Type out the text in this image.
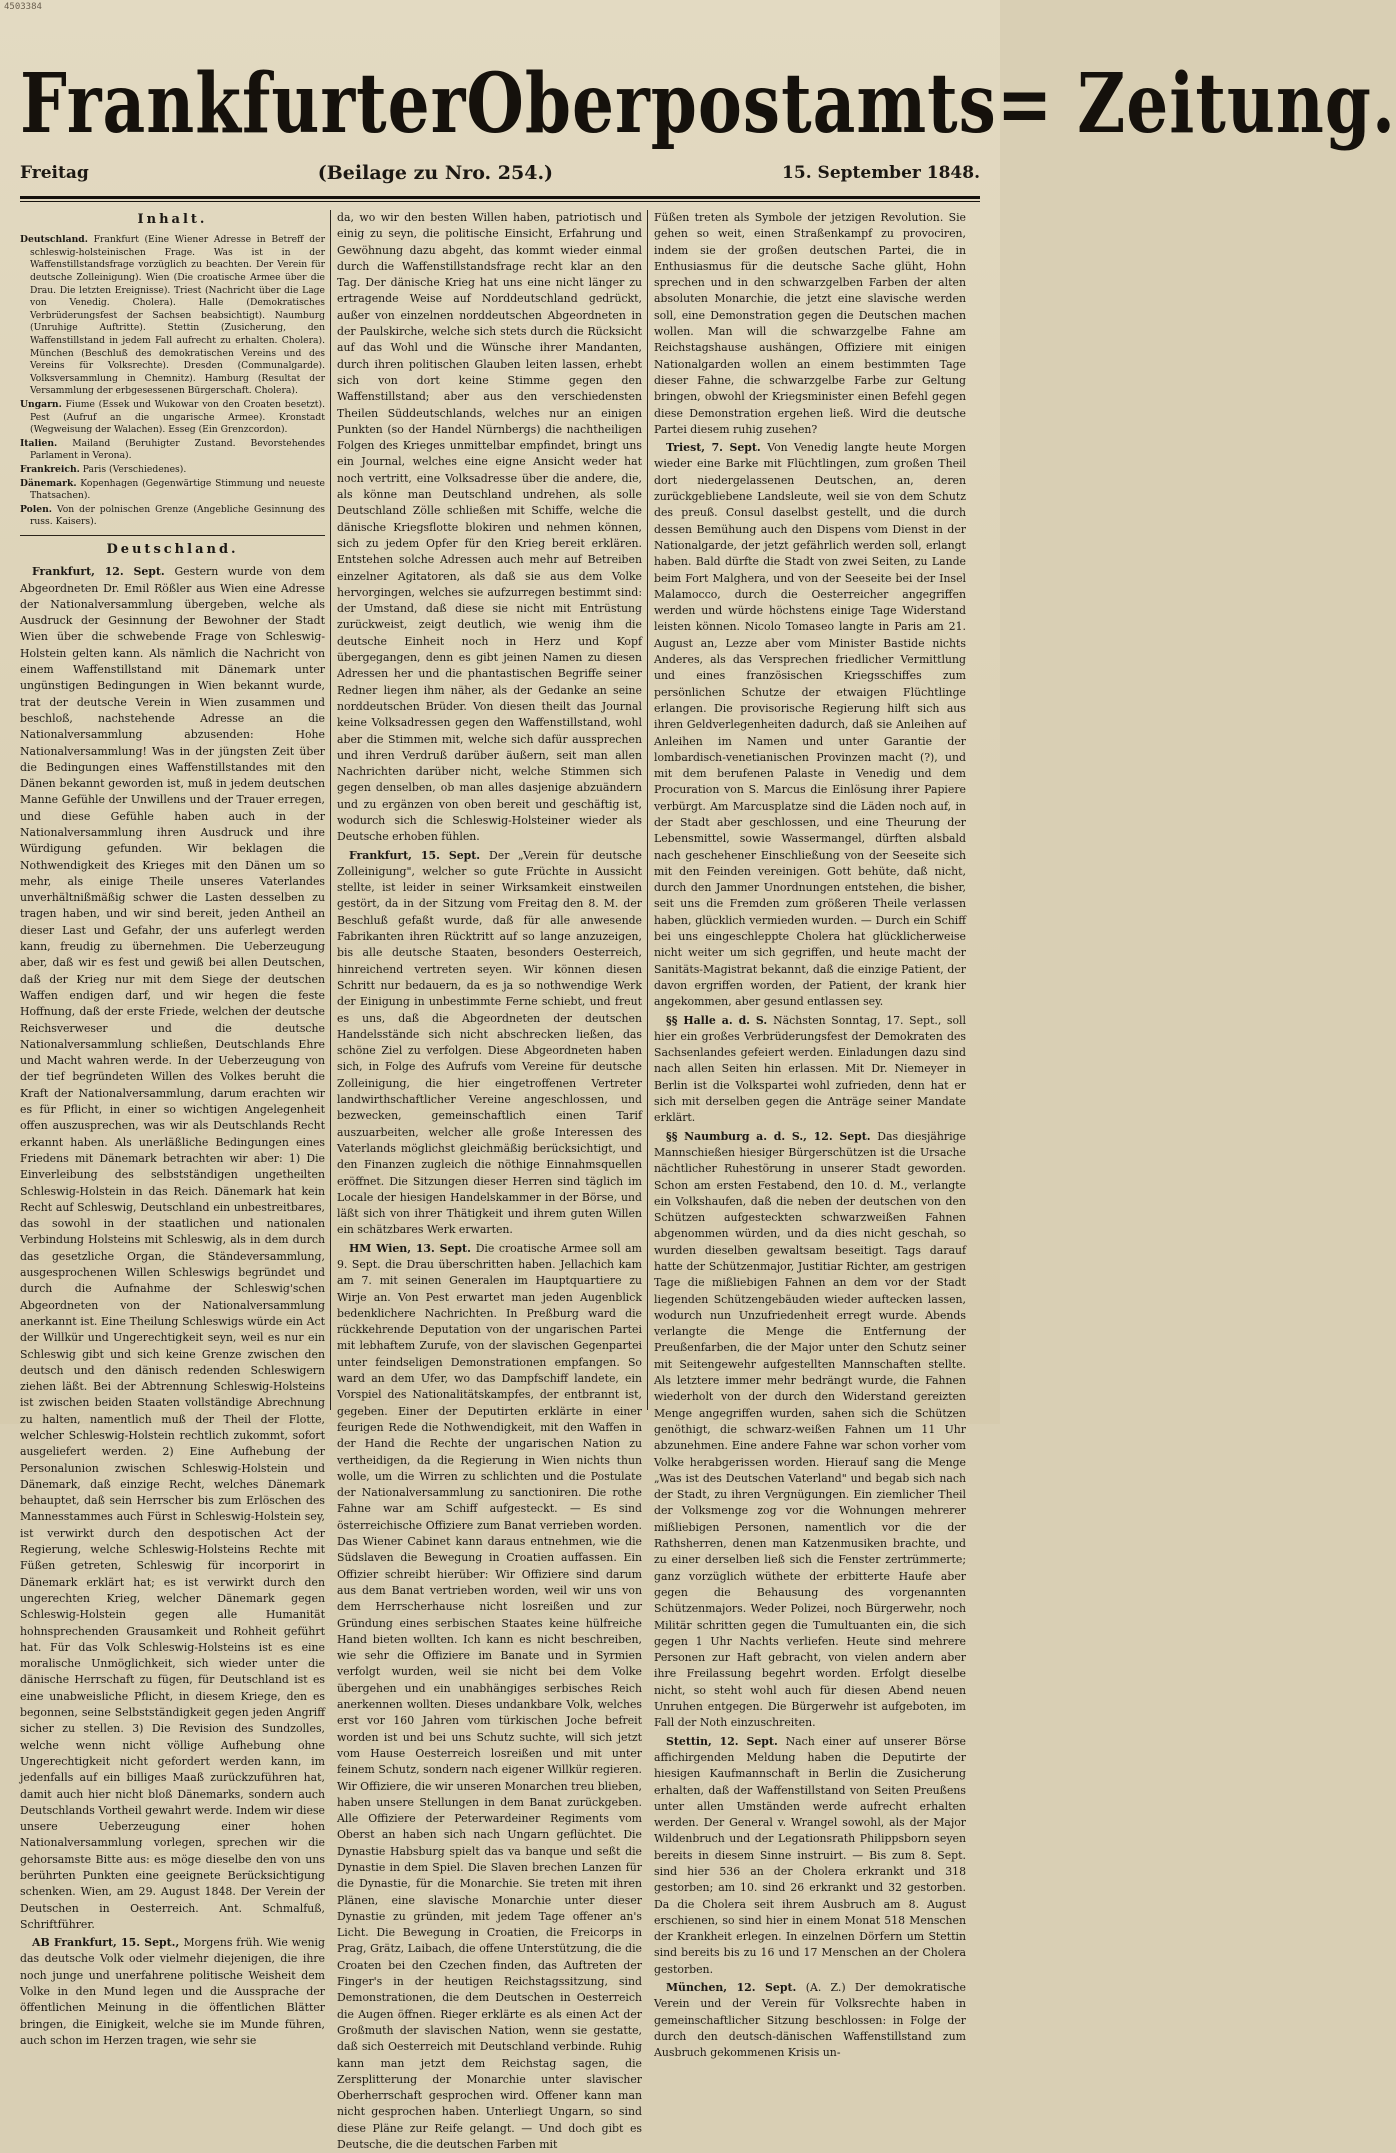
4503384
Frankfurter Oberpostamts = Zeitung.
Freitag	(Beilage zu Nro. 254.)	15. September 1848.
Inhalt.
Deutschland. Frankfurt (Eine Wiener Adresse in Betreff der schleswig-holsteinischen Frage. Was ist in der Waffenstillstandsfrage vorzüglich zu beachten. Der Verein für deutsche Zolleinigung). Wien (Die croatische Armee über die Drau. Die letzten Ereignisse). Triest (Nachricht über die Lage von Venedig. Cholera). Halle (Demokratisches Verbrüderungsfest der Sachsen beabsichtigt). Naumburg (Unruhige Auftritte). Stettin (Zusicherung, den Waffenstillstand in jedem Fall aufrecht zu erhalten. Cholera). München (Beschluß des demokratischen Vereins und des Vereins für Volksrechte). Dresden (Communalgarde). Volksversammlung in Chemnitz). Hamburg (Resultat der Versammlung der erbgesessenen Bürgerschaft. Cholera).
Ungarn. Fiume (Essek und Wukowar von den Croaten besetzt). Pest (Aufruf an die ungarische Armee). Kronstadt (Wegweisung der Walachen). Esseg (Ein Grenzcordon).
Italien. Mailand (Beruhigter Zustand. Bevorstehendes Parlament in Verona).
Frankreich. Paris (Verschiedenes).
Dänemark. Kopenhagen (Gegenwärtige Stimmung und neueste Thatsachen).
Polen. Von der polnischen Grenze (Angebliche Gesinnung des russ. Kaisers).
Deutschland.

Frankfurt, 12. Sept. Gestern wurde von dem Abgeordneten Dr. Emil Rößler aus Wien eine Adresse der Nationalversammlung übergeben, welche als Ausdruck der Gesinnung der Bewohner der Stadt Wien über die schwebende Frage von Schleswig-Holstein gelten kann. Als nämlich die Nachricht von einem Waffenstillstand mit Dänemark unter ungünstigen Bedingungen in Wien bekannt wurde, trat der deutsche Verein in Wien zusammen und beschloß, nachstehende Adresse an die Nationalversammlung abzusenden: Hohe Nationalversammlung! Was in der jüngsten Zeit über die Bedingungen eines Waffenstillstandes mit den Dänen bekannt geworden ist, muß in jedem deutschen Manne Gefühle der Unwillens und der Trauer erregen, und diese Gefühle haben auch in der Nationalversammlung ihren Ausdruck und ihre Würdigung gefunden. Wir beklagen die Nothwendigkeit des Krieges mit den Dänen um so mehr, als einige Theile unseres Vaterlandes unverhältnißmäßig schwer die Lasten desselben zu tragen haben, und wir sind bereit, jeden Antheil an dieser Last und Gefahr, der uns auferlegt werden kann, freudig zu übernehmen. Die Ueberzeugung aber, daß wir es fest und gewiß bei allen Deutschen, daß der Krieg nur mit dem Siege der deutschen Waffen endigen darf, und wir hegen die feste Hoffnung, daß der erste Friede, welchen der deutsche Reichsverweser und die deutsche Nationalversammlung schließen, Deutschlands Ehre und Macht wahren werde. In der Ueberzeugung von der tief begründeten Willen des Volkes beruht die Kraft der Nationalversammlung, darum erachten wir es für Pflicht, in einer so wichtigen Angelegenheit offen auszusprechen, was wir als Deutschlands Recht erkannt haben. Als unerläßliche Bedingungen eines Friedens mit Dänemark betrachten wir aber: 1) Die Einverleibung des selbstständigen ungetheilten Schleswig-Holstein in das Reich. Dänemark hat kein Recht auf Schleswig, Deutschland ein unbestreitbares, das sowohl in der staatlichen und nationalen Verbindung Holsteins mit Schleswig, als in dem durch das gesetzliche Organ, die Ständeversammlung, ausgesprochenen Willen Schleswigs begründet und durch die Aufnahme der Schleswig'schen Abgeordneten von der Nationalversammlung anerkannt ist. Eine Theilung Schleswigs würde ein Act der Willkür und Ungerechtigkeit seyn, weil es nur ein Schleswig gibt und sich keine Grenze zwischen den deutsch und den dänisch redenden Schleswigern ziehen läßt. Bei der Abtrennung Schleswig-Holsteins ist zwischen beiden Staaten vollständige Abrechnung zu halten, namentlich muß der Theil der Flotte, welcher Schleswig-Holstein rechtlich zukommt, sofort ausgeliefert werden. 2) Eine Aufhebung der Personalunion zwischen Schleswig-Holstein und Dänemark, daß einzige Recht, welches Dänemark behauptet, daß sein Herrscher bis zum Erlöschen des Mannesstammes auch Fürst in Schleswig-Holstein sey, ist verwirkt durch den despotischen Act der Regierung, welche Schleswig-Holsteins Rechte mit Füßen getreten, Schleswig für incorporirt in Dänemark erklärt hat; es ist verwirkt durch den ungerechten Krieg, welcher Dänemark gegen Schleswig-Holstein gegen alle Humanität hohnsprechenden Grausamkeit und Rohheit geführt hat. Für das Volk Schleswig-Holsteins ist es eine moralische Unmöglichkeit, sich wieder unter die dänische Herrschaft zu fügen, für Deutschland ist es eine unabweisliche Pflicht, in diesem Kriege, den es begonnen, seine Selbstständigkeit gegen jeden Angriff sicher zu stellen. 3) Die Revision des Sundzolles, welche wenn nicht völlige Aufhebung ohne Ungerechtigkeit nicht gefordert werden kann, im jedenfalls auf ein billiges Maaß zurückzuführen hat, damit auch hier nicht bloß Dänemarks, sondern auch Deutschlands Vortheil gewahrt werde. Indem wir diese unsere Ueberzeugung einer hohen Nationalversammlung vorlegen, sprechen wir die gehorsamste Bitte aus: es möge dieselbe den von uns berührten Punkten eine geeignete Berücksichtigung schenken. Wien, am 29. August 1848. Der Verein der Deutschen in Oesterreich. Ant. Schmalfuß, Schriftführer.

AB Frankfurt, 15. Sept., Morgens früh. Wie wenig das deutsche Volk oder vielmehr diejenigen, die ihre noch junge und unerfahrene politische Weisheit dem Volke in den Mund legen und die Aussprache der öffentlichen Meinung in die öffentlichen Blätter bringen, die Einigkeit, welche sie im Munde führen, auch schon im Herzen tragen, wie sehr sie

da, wo wir den besten Willen haben, patriotisch und einig zu seyn, die politische Einsicht, Erfahrung und Gewöhnung dazu abgeht, das kommt wieder einmal durch die Waffenstillstandsfrage recht klar an den Tag. Der dänische Krieg hat uns eine nicht länger zu ertragende Weise auf Norddeutschland gedrückt, außer von einzelnen norddeutschen Abgeordneten in der Paulskirche, welche sich stets durch die Rücksicht auf das Wohl und die Wünsche ihrer Mandanten, durch ihren politischen Glauben leiten lassen, erhebt sich von dort keine Stimme gegen den Waffenstillstand; aber aus den verschiedensten Theilen Süddeutschlands, welches nur an einigen Punkten (so der Handel Nürnbergs) die nachtheiligen Folgen des Krieges unmittelbar empfindet, bringt uns ein Journal, welches eine eigne Ansicht weder hat noch vertritt, eine Volksadresse über die andere, die, als könne man Deutschland undrehen, als solle Deutschland Zölle schließen mit Schiffe, welche die dänische Kriegsflotte blokiren und nehmen können, sich zu jedem Opfer für den Krieg bereit erklären. Entstehen solche Adressen auch mehr auf Betreiben einzelner Agitatoren, als daß sie aus dem Volke hervorgingen, welches sie aufzurregen bestimmt sind: der Umstand, daß diese sie nicht mit Entrüstung zurückweist, zeigt deutlich, wie wenig ihm die deutsche Einheit noch in Herz und Kopf übergegangen, denn es gibt jeinen Namen zu diesen Adressen her und die phantastischen Begriffe seiner Redner liegen ihm näher, als der Gedanke an seine norddeutschen Brüder. Von diesen theilt das Journal keine Volksadressen gegen den Waffenstillstand, wohl aber die Stimmen mit, welche sich dafür aussprechen und ihren Verdruß darüber äußern, seit man allen Nachrichten darüber nicht, welche Stimmen sich gegen denselben, ob man alles dasjenige abzuändern und zu ergänzen von oben bereit und geschäftig ist, wodurch sich die Schleswig-Holsteiner wieder als Deutsche erhoben fühlen.

Frankfurt, 15. Sept. Der „Verein für deutsche Zolleinigung", welcher so gute Früchte in Aussicht stellte, ist leider in seiner Wirksamkeit einstweilen gestört, da in der Sitzung vom Freitag den 8. M. der Beschluß gefaßt wurde, daß für alle anwesende Fabrikanten ihren Rücktritt auf so lange anzuzeigen, bis alle deutsche Staaten, besonders Oesterreich, hinreichend vertreten seyen. Wir können diesen Schritt nur bedauern, da es ja so nothwendige Werk der Einigung in unbestimmte Ferne schiebt, und freut es uns, daß die Abgeordneten der deutschen Handelsstände sich nicht abschrecken ließen, das schöne Ziel zu verfolgen. Diese Abgeordneten haben sich, in Folge des Aufrufs vom Vereine für deutsche Zolleinigung, die hier eingetroffenen Vertreter landwirthschaftlicher Vereine angeschlossen, und bezwecken, gemeinschaftlich einen Tarif auszuarbeiten, welcher alle große Interessen des Vaterlands möglichst gleichmäßig berücksichtigt, und den Finanzen zugleich die nöthige Einnahmsquellen eröffnet. Die Sitzungen dieser Herren sind täglich im Locale der hiesigen Handelskammer in der Börse, und läßt sich von ihrer Thätigkeit und ihrem guten Willen ein schätzbares Werk erwarten.

HM Wien, 13. Sept. Die croatische Armee soll am 9. Sept. die Drau überschritten haben. Jellachich kam am 7. mit seinen Generalen im Hauptquartiere zu Wirje an. Von Pest erwartet man jeden Augenblick bedenklichere Nachrichten. In Preßburg ward die rückkehrende Deputation von der ungarischen Partei mit lebhaftem Zurufe, von der slavischen Gegenpartei unter feindseligen Demonstrationen empfangen. So ward an dem Ufer, wo das Dampfschiff landete, ein Vorspiel des Nationalitätskampfes, der entbrannt ist, gegeben. Einer der Deputirten erklärte in einer feurigen Rede die Nothwendigkeit, mit den Waffen in der Hand die Rechte der ungarischen Nation zu vertheidigen, da die Regierung in Wien nichts thun wolle, um die Wirren zu schlichten und die Postulate der Nationalversammlung zu sanctioniren. Die rothe Fahne war am Schiff aufgesteckt. — Es sind österreichische Offiziere zum Banat verrieben worden. Das Wiener Cabinet kann daraus entnehmen, wie die Südslaven die Bewegung in Croatien auffassen. Ein Offizier schreibt hierüber: Wir Offiziere sind darum aus dem Banat vertrieben worden, weil wir uns von dem Herrscherhause nicht losreißen und zur Gründung eines serbischen Staates keine hülfreiche Hand bieten wollten. Ich kann es nicht beschreiben, wie sehr die Offiziere im Banate und in Syrmien verfolgt wurden, weil sie nicht bei dem Volke übergehen und ein unabhängiges serbisches Reich anerkennen wollten. Dieses undankbare Volk, welches erst vor 160 Jahren vom türkischen Joche befreit worden ist und bei uns Schutz suchte, will sich jetzt vom Hause Oesterreich losreißen und mit unter feinem Schutz, sondern nach eigener Willkür regieren. Wir Offiziere, die wir unseren Monarchen treu blieben, haben unsere Stellungen in dem Banat zurückgeben. Alle Offiziere der Peterwardeiner Regiments vom Oberst an haben sich nach Ungarn geflüchtet. Die Dynastie Habsburg spielt das va banque und seßt die Dynastie in dem Spiel. Die Slaven brechen Lanzen für die Dynastie, für die Monarchie. Sie treten mit ihren Plänen, eine slavische Monarchie unter dieser Dynastie zu gründen, mit jedem Tage offener an's Licht. Die Bewegung in Croatien, die Freicorps in Prag, Grätz, Laibach, die offene Unterstützung, die die Croaten bei den Czechen finden, das Auftreten der Finger's in der heutigen Reichstagssitzung, sind Demonstrationen, die dem Deutschen in Oesterreich die Augen öffnen. Rieger erklärte es als einen Act der Großmuth der slavischen Nation, wenn sie gestatte, daß sich Oesterreich mit Deutschland verbinde. Ruhig kann man jetzt dem Reichstag sagen, die Zersplitterung der Monarchie unter slavischer Oberherrschaft gesprochen wird. Offener kann man nicht gesprochen haben. Unterliegt Ungarn, so sind diese Pläne zur Reife gelangt. — Und doch gibt es Deutsche, die die deutschen Farben mit

Füßen treten als Symbole der jetzigen Revolution. Sie gehen so weit, einen Straßenkampf zu provociren, indem sie der großen deutschen Partei, die in Enthusiasmus für die deutsche Sache glüht, Hohn sprechen und in den schwarzgelben Farben der alten absoluten Monarchie, die jetzt eine slavische werden soll, eine Demonstration gegen die Deutschen machen wollen. Man will die schwarzgelbe Fahne am Reichstagshause aushängen, Offiziere mit einigen Nationalgarden wollen an einem bestimmten Tage dieser Fahne, die schwarzgelbe Farbe zur Geltung bringen, obwohl der Kriegsminister einen Befehl gegen diese Demonstration ergehen ließ. Wird die deutsche Partei diesem ruhig zusehen?

Triest, 7. Sept. Von Venedig langte heute Morgen wieder eine Barke mit Flüchtlingen, zum großen Theil dort niedergelassenen Deutschen, an, deren zurückgebliebene Landsleute, weil sie von dem Schutz des preuß. Consul daselbst gestellt, und die durch dessen Bemühung auch den Dispens vom Dienst in der Nationalgarde, der jetzt gefährlich werden soll, erlangt haben. Bald dürfte die Stadt von zwei Seiten, zu Lande beim Fort Malghera, und von der Seeseite bei der Insel Malamocco, durch die Oesterreicher angegriffen werden und würde höchstens einige Tage Widerstand leisten können. Nicolo Tomaseo langte in Paris am 21. August an, Lezze aber vom Minister Bastide nichts Anderes, als das Versprechen friedlicher Vermittlung und eines französischen Kriegsschiffes zum persönlichen Schutze der etwaigen Flüchtlinge erlangen. Die provisorische Regierung hilft sich aus ihren Geldverlegenheiten dadurch, daß sie Anleihen auf Anleihen im Namen und unter Garantie der lombardisch-venetianischen Provinzen macht (?), und mit dem berufenen Palaste in Venedig und dem Procuration von S. Marcus die Einlösung ihrer Papiere verbürgt. Am Marcusplatze sind die Läden noch auf, in der Stadt aber geschlossen, und eine Theurung der Lebensmittel, sowie Wassermangel, dürften alsbald nach geschehener Einschließung von der Seeseite sich mit den Feinden vereinigen. Gott behüte, daß nicht, durch den Jammer Unordnungen entstehen, die bisher, seit uns die Fremden zum größeren Theile verlassen haben, glücklich vermieden wurden. — Durch ein Schiff bei uns eingeschleppte Cholera hat glücklicherweise nicht weiter um sich gegriffen, und heute macht der Sanitäts-Magistrat bekannt, daß die einzige Patient, der davon ergriffen worden, der Patient, der krank hier angekommen, aber gesund entlassen sey.

§§ Halle a. d. S. Nächsten Sonntag, 17. Sept., soll hier ein großes Verbrüderungsfest der Demokraten des Sachsenlandes gefeiert werden. Einladungen dazu sind nach allen Seiten hin erlassen. Mit Dr. Niemeyer in Berlin ist die Volkspartei wohl zufrieden, denn hat er sich mit derselben gegen die Anträge seiner Mandate erklärt.

§§ Naumburg a. d. S., 12. Sept. Das diesjährige Mannschießen hiesiger Bürgerschützen ist die Ursache nächtlicher Ruhestörung in unserer Stadt geworden. Schon am ersten Festabend, den 10. d. M., verlangte ein Volkshaufen, daß die neben der deutschen von den Schützen aufgesteckten schwarzweißen Fahnen abgenommen würden, und da dies nicht geschah, so wurden dieselben gewaltsam beseitigt. Tags darauf hatte der Schützenmajor, Justitiar Richter, am gestrigen Tage die mißliebigen Fahnen an dem vor der Stadt liegenden Schützengebäuden wieder auftecken lassen, wodurch nun Unzufriedenheit erregt wurde. Abends verlangte die Menge die Entfernung der Preußenfarben, die der Major unter den Schutz seiner mit Seitengewehr aufgestellten Mannschaften stellte. Als letztere immer mehr bedrängt wurde, die Fahnen wiederholt von der durch den Widerstand gereizten Menge angegriffen wurden, sahen sich die Schützen genöthigt, die schwarz-weißen Fahnen um 11 Uhr abzunehmen. Eine andere Fahne war schon vorher vom Volke herabgerissen worden. Hierauf sang die Menge „Was ist des Deutschen Vaterland" und begab sich nach der Stadt, zu ihren Vergnügungen. Ein ziemlicher Theil der Volksmenge zog vor die Wohnungen mehrerer mißliebigen Personen, namentlich vor die der Rathsherren, denen man Katzenmusiken brachte, und zu einer derselben ließ sich die Fenster zertrümmerte; ganz vorzüglich wüthete der erbitterte Haufe aber gegen die Behausung des vorgenannten Schützenmajors. Weder Polizei, noch Bürgerwehr, noch Militär schritten gegen die Tumultuanten ein, die sich gegen 1 Uhr Nachts verliefen. Heute sind mehrere Personen zur Haft gebracht, von vielen andern aber ihre Freilassung begehrt worden. Erfolgt dieselbe nicht, so steht wohl auch für diesen Abend neuen Unruhen entgegen. Die Bürgerwehr ist aufgeboten, im Fall der Noth einzuschreiten.

Stettin, 12. Sept. Nach einer auf unserer Börse affichirgenden Meldung haben die Deputirte der hiesigen Kaufmannschaft in Berlin die Zusicherung erhalten, daß der Waffenstillstand von Seiten Preußens unter allen Umständen werde aufrecht erhalten werden. Der General v. Wrangel sowohl, als der Major Wildenbruch und der Legationsrath Philippsborn seyen bereits in diesem Sinne instruirt. — Bis zum 8. Sept. sind hier 536 an der Cholera erkrankt und 318 gestorben; am 10. sind 26 erkrankt und 32 gestorben. Da die Cholera seit ihrem Ausbruch am 8. August erschienen, so sind hier in einem Monat 518 Menschen der Krankheit erlegen. In einzelnen Dörfern um Stettin sind bereits bis zu 16 und 17 Menschen an der Cholera gestorben.

München, 12. Sept. (A. Z.) Der demokratische Verein und der Verein für Volksrechte haben in gemeinschaftlicher Sitzung beschlossen: in Folge der durch den deutsch-dänischen Waffenstillstand zum Ausbruch gekommenen Krisis un-
